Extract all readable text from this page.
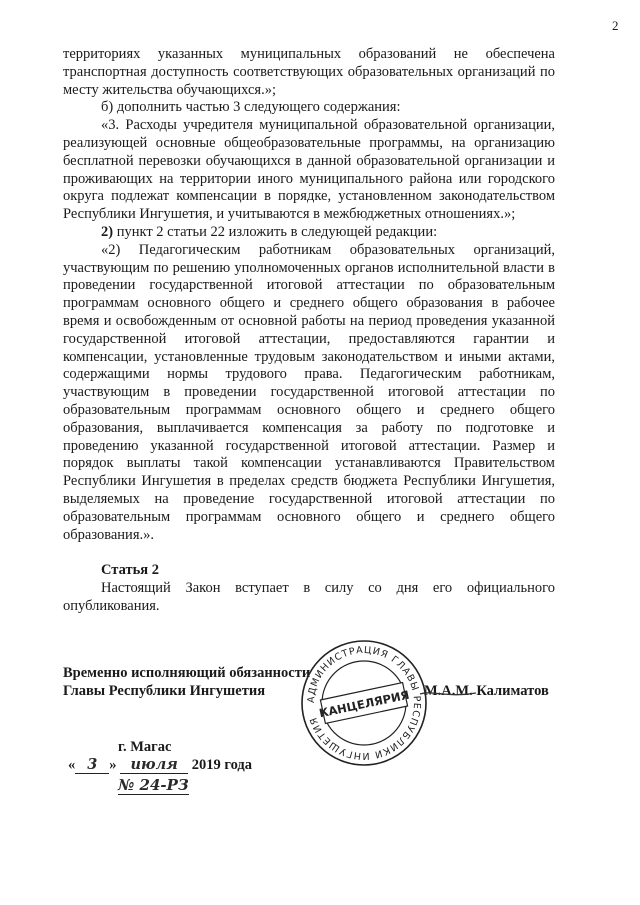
2

территориях указанных муниципальных образований не обеспечена транспортная доступность соответствующих образовательных организаций по месту жительства обучающихся.»;

б) дополнить частью 3 следующего содержания:

«3. Расходы учредителя муниципальной образовательной организации, реализующей основные общеобразовательные программы, на организацию бесплатной перевозки обучающихся в данной образовательной организации и проживающих на территории иного муниципального района или городского округа подлежат компенсации в порядке, установленном законодательством Республики Ингушетия, и учитываются в межбюджетных отношениях.»;

2) пункт 2 статьи 22 изложить в следующей редакции:

«2) Педагогическим работникам образовательных организаций, участвующим по решению уполномоченных органов исполнительной власти в проведении государственной итоговой аттестации по образовательным программам основного общего и среднего общего образования в рабочее время и освобожденным от основной работы на период проведения указанной государственной итоговой аттестации, предоставляются гарантии и компенсации, установленные трудовым законодательством и иными актами, содержащими нормы трудового права. Педагогическим работникам, участвующим в проведении государственной итоговой аттестации по образовательным программам основного общего и среднего общего образования, выплачивается компенсация за работу по подготовке и проведению указанной государственной итоговой аттестации. Размер и порядок выплаты такой компенсации устанавливаются Правительством Республики Ингушетия в пределах средств бюджета Республики Ингушетия, выделяемых на проведение государственной итоговой аттестации по образовательным программам основного общего и среднего общего образования.».

Статья 2

Настоящий Закон вступает в силу со дня его официального опубликования.

Временно исполняющий обязанности
Главы Республики Ингушетия	М.А.М. Калиматов
АДМИНИСТРАЦИЯ ГЛАВЫ РЕСПУБЛИКИ ИНГУШЕТИЯ
КАНЦЕЛЯРИЯ
г. Магас
« 3 » июля 2019 года
№ 24-РЗ
